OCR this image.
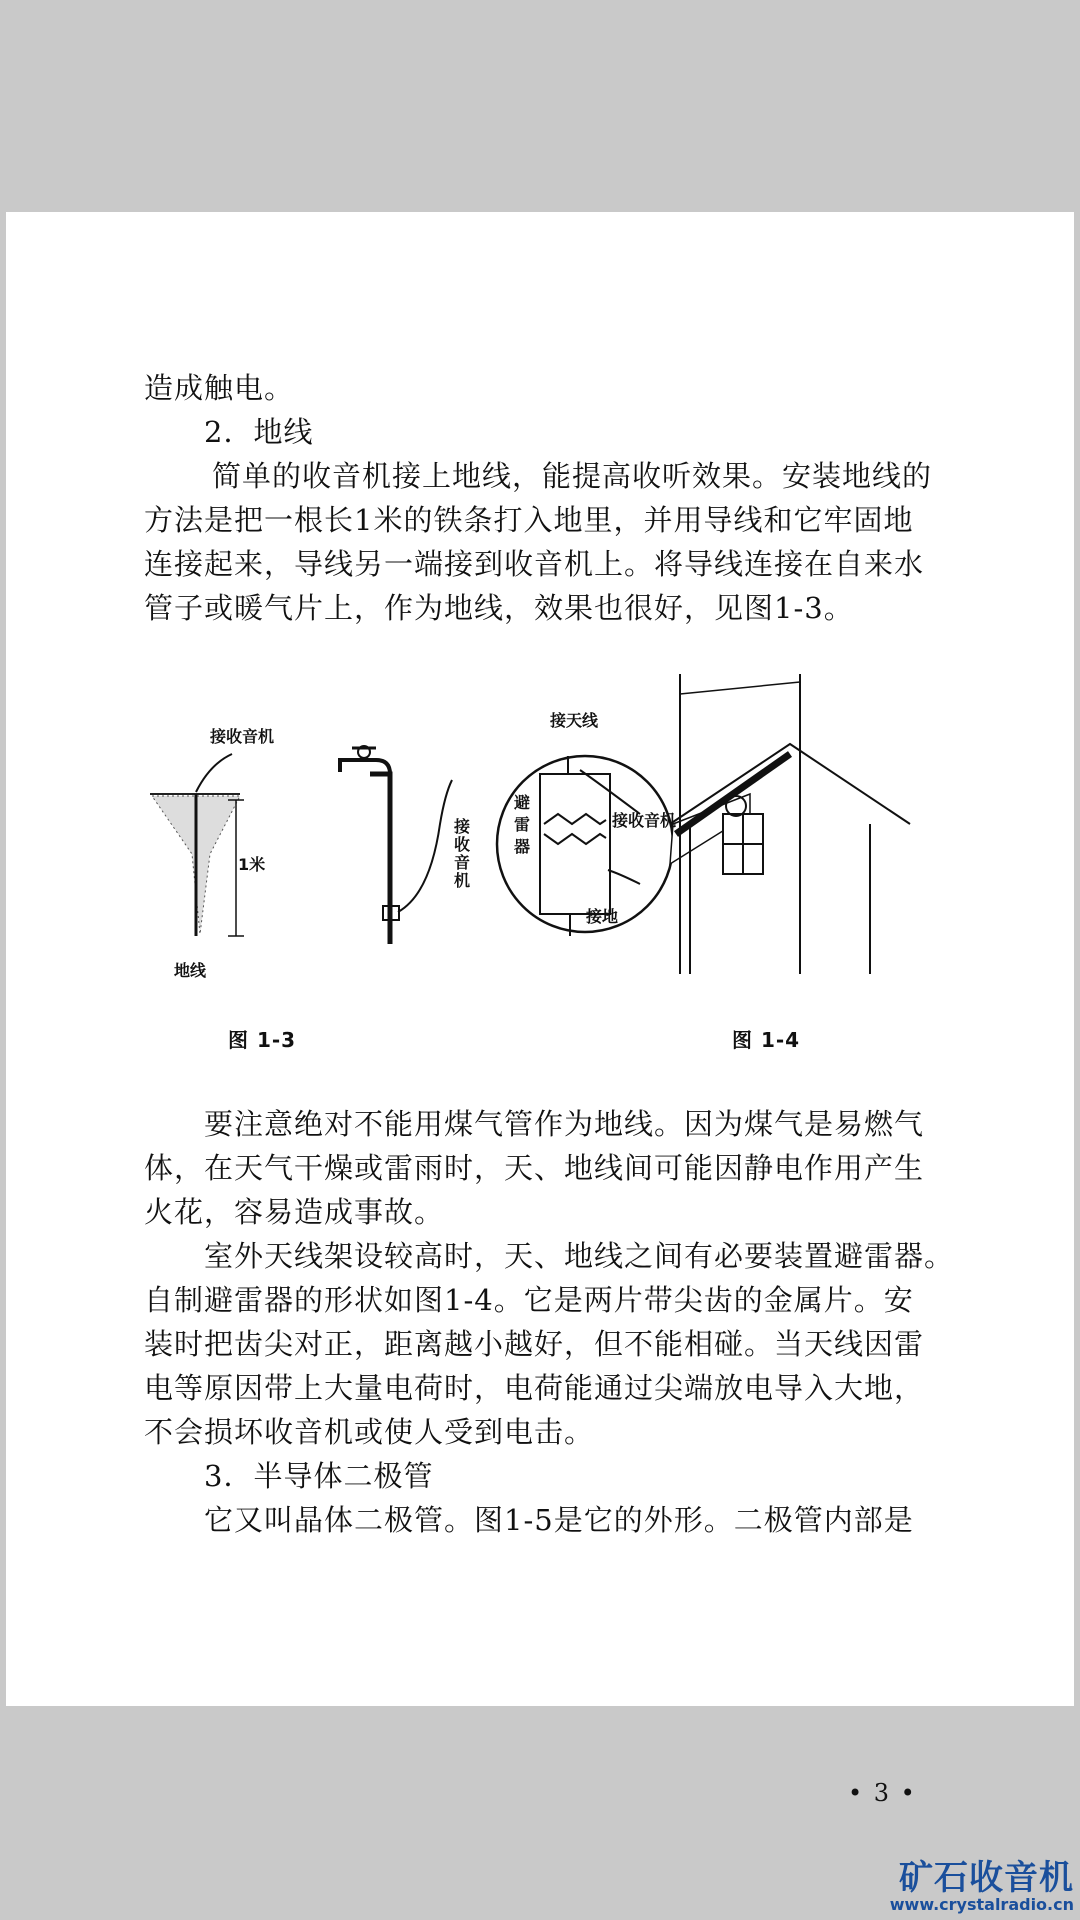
造成触电。
2．地线
简单的收音机接上地线，能提高收听效果。安装地线的
方法是把一根长1米的铁条打入地里，并用导线和它牢固地
连接起来，导线另一端接到收音机上。将导线连接在自来水
管子或暖气片上，作为地线，效果也很好，见图1-3。
接收音机
1米
地线
接
收
音
机
接天线
避
雷
器
接收音机
接地
图 1-3	图 1-4
要注意绝对不能用煤气管作为地线。因为煤气是易燃气
体，在天气干燥或雷雨时，天、地线间可能因静电作用产生
火花，容易造成事故。
室外天线架设较高时，天、地线之间有必要装置避雷器。
自制避雷器的形状如图1-4。它是两片带尖齿的金属片。安
装时把齿尖对正，距离越小越好，但不能相碰。当天线因雷
电等原因带上大量电荷时，电荷能通过尖端放电导入大地，
不会损坏收音机或使人受到电击。
3．半导体二极管
它又叫晶体二极管。图1-5是它的外形。二极管内部是
• 3 •
矿石收音机
www.crystalradio.cn
